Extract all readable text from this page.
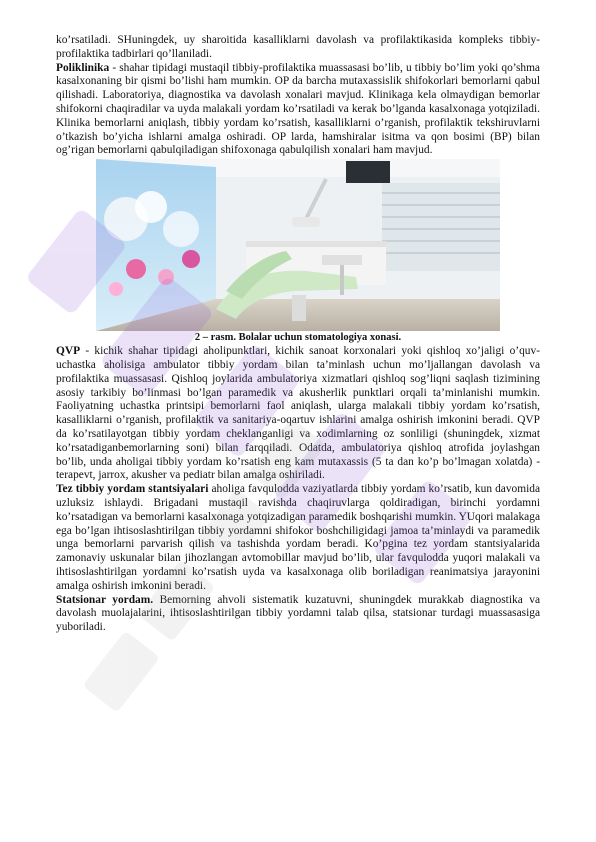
ko’rsatiladi. SHuningdek, uy sharoitida kasalliklarni davolash va profilaktikasida kompleks tibbiy-profilaktika tadbirlari qo’llaniladi.

Poliklinika - shahar tipidagi mustaqil tibbiy-profilaktika muassasasi bo’lib, u tibbiy bo’lim yoki qo’shma kasalxonaning bir qismi bo’lishi ham mumkin. OP da barcha mutaxassislik shifokorlari bemorlarni qabul qilishadi. Laboratoriya, diagnostika va davolash xonalari mavjud. Klinikaga kela olmaydigan bemorlar shifokorni chaqiradilar va uyda malakali yordam ko’rsatiladi va kerak bo’lganda kasalxonaga yotqiziladi. Klinika bemorlarni aniqlash, tibbiy yordam ko’rsatish, kasalliklarni o’rganish, profilaktik tekshiruvlarni o’tkazish bo’yicha ishlarni amalga oshiradi. OP larda, hamshiralar isitma va qon bosimi (BP) bilan og’rigan bemorlarni qabulqiladigan shifoxonaga qabulqilish xonalari ham mavjud.

2 – rasm. Bolalar uchun stomatologiya xonasi.

QVP - kichik shahar tipidagi aholipunktlari, kichik sanoat korxonalari yoki qishloq xo’jaligi o’quv-uchastka aholisiga ambulator tibbiy yordam bilan ta’minlash uchun mo’ljallangan davolash va profilaktika muassasasi. Qishloq joylarida ambulatoriya xizmatlari qishloq sog’liqni saqlash tizimining asosiy tarkibiy bo’linmasi bo’lgan paramedik va akusherlik punktlari orqali ta’minlanishi mumkin. Faoliyatning uchastka printsipi bemorlarni faol aniqlash, ularga malakali tibbiy yordam ko’rsatish, kasalliklarni o’rganish, profilaktik va sanitariya-oqartuv ishlarini amalga oshirish imkonini beradi. QVP da ko’rsatilayotgan tibbiy yordam cheklanganligi va xodimlarning oz sonliligi (shuningdek, xizmat ko’rsatadiganbemorlarning soni) bilan farqqiladi. Odatda, ambulatoriya qishloq atrofida joylashgan bo’lib, unda aholigai tibbiy yordam ko’rsatish eng kam mutaxassis (5 ta dan ko’p bo’lmagan xolatda) - terapevt, jarrox, akusher va pediatr bilan amalga oshiriladi.

Tez tibbiy yordam stantsiyalari aholiga favqulodda vaziyatlarda tibbiy yordam ko’rsatib, kun davomida uzluksiz ishlaydi. Brigadani mustaqil ravishda chaqiruvlarga qoldiradigan, birinchi yordamni ko’rsatadigan va bemorlarni kasalxonaga yotqizadigan paramedik boshqarishi mumkin. YUqori malakaga ega bo’lgan ihtisoslashtirilgan tibbiy yordamni shifokor boshchiligidagi jamoa ta’minlaydi va paramedik unga bemorlarni parvarish qilish va tashishda yordam beradi. Ko’pgina tez yordam stantsiyalarida zamonaviy uskunalar bilan jihozlangan avtomobillar mavjud bo’lib, ular favqulodda yuqori malakali va ihtisoslashtirilgan yordamni ko’rsatish uyda va kasalxonaga olib boriladigan reanimatsiya jarayonini amalga oshirish imkonini beradi.

Statsionar yordam. Bemorning ahvoli sistematik kuzatuvni, shuningdek murakkab diagnostika va davolash muolajalarini, ihtisoslashtirilgan tibbiy yordamni talab qilsa, statsionar turdagi muassasasiga yuboriladi.
